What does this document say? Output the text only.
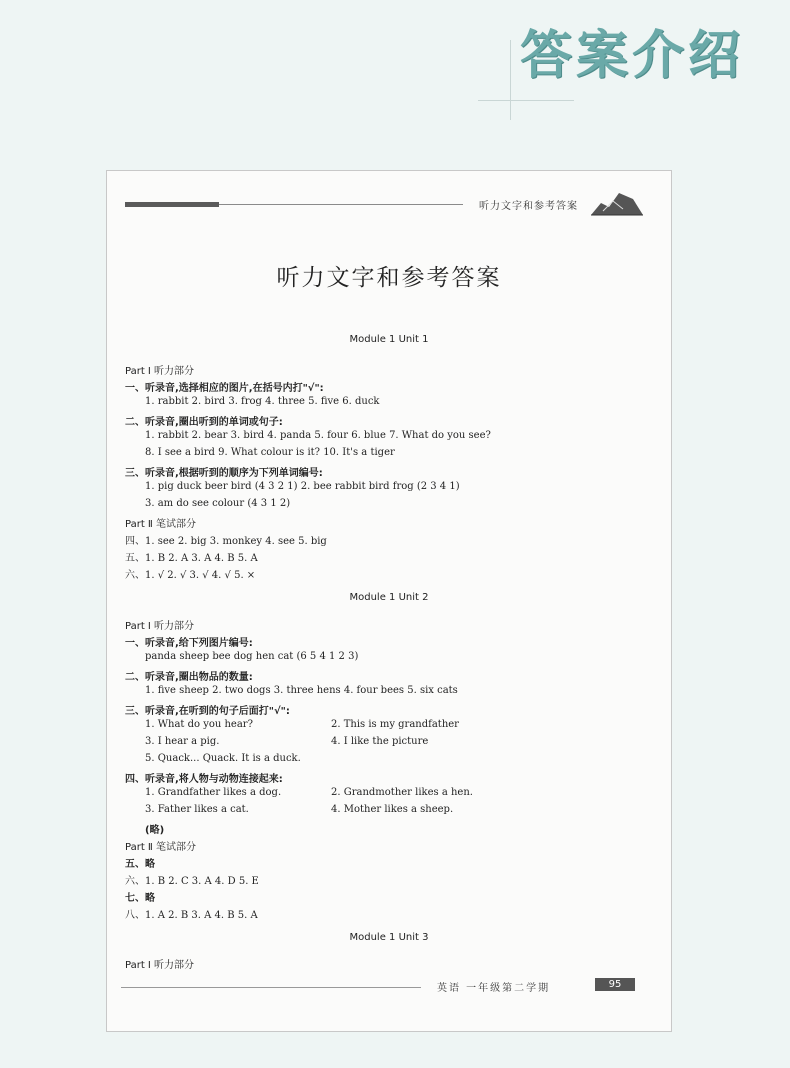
答案介绍
听力文字和参考答案
听力文字和参考答案
Module 1 Unit 1
Part Ⅰ 听力部分
一、听录音,选择相应的图片,在括号内打"√":
1. rabbit 2. bird 3. frog 4. three 5. five 6. duck
二、听录音,圈出听到的单词或句子:
1. rabbit 2. bear 3. bird 4. panda 5. four 6. blue 7. What do you see?
8. I see a bird 9. What colour is it? 10. It's a tiger
三、听录音,根据听到的顺序为下列单词编号:
1. pig duck beer bird (4 3 2 1) 2. bee rabbit bird frog (2 3 4 1)
3. am do see colour (4 3 1 2)
Part Ⅱ 笔试部分
四、1. see 2. big 3. monkey 4. see 5. big
五、1. B 2. A 3. A 4. B 5. A
六、1. √ 2. √ 3. √ 4. √ 5. ×
Module 1 Unit 2
Part Ⅰ 听力部分
一、听录音,给下列图片编号:
panda sheep bee dog hen cat (6 5 4 1 2 3)
二、听录音,圈出物品的数量:
1. five sheep 2. two dogs 3. three hens 4. four bees 5. six cats
三、听录音,在听到的句子后面打"√":
1. What do you hear?	2. This is my grandfather
3. I hear a pig.	4. I like the picture
5. Quack... Quack. It is a duck.
四、听录音,将人物与动物连接起来:
1. Grandfather likes a dog.	2. Grandmother likes a hen.
3. Father likes a cat.	4. Mother likes a sheep.
(略)
Part Ⅱ 笔试部分
五、略
六、1. B 2. C 3. A 4. D 5. E
七、略
八、1. A 2. B 3. A 4. B 5. A
Module 1 Unit 3
Part Ⅰ 听力部分
英语 一年级第二学期	95
